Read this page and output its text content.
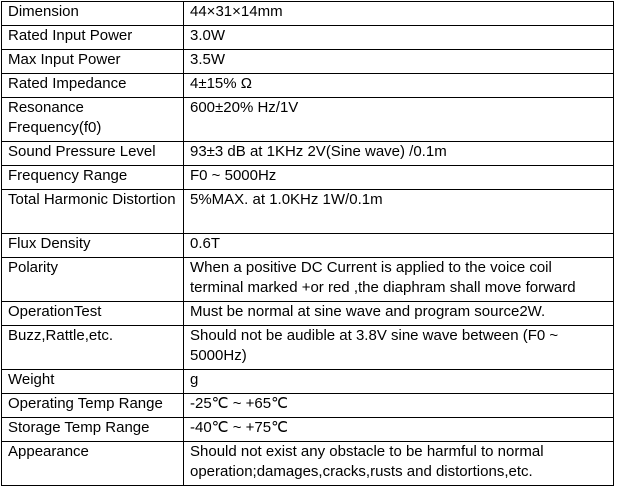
Dimension	44×31×14mm
Rated Input Power	3.0W
Max Input Power	3.5W
Rated Impedance	4±15% Ω
Resonance Frequency(f0)	600±20% Hz/1V
Sound Pressure Level	93±3 dB at 1KHz 2V(Sine wave) /0.1m
Frequency Range	F0 ~ 5000Hz
Total Harmonic Distortion	5%MAX. at 1.0KHz 1W/0.1m
Flux Density	0.6T
Polarity	When a positive DC Current is applied to the voice coil terminal marked +or red ,the diaphram shall move forward
OperationTest	Must be normal at sine wave and program source2W.
Buzz,Rattle,etc.	Should not be audible at 3.8V sine wave between (F0 ~ 5000Hz)
Weight	g
Operating Temp Range	-25℃ ~ +65℃
Storage Temp Range	-40℃ ~ +75℃
Appearance	Should not exist any obstacle to be harmful to normal operation;damages,cracks,rusts and distortions,etc.
